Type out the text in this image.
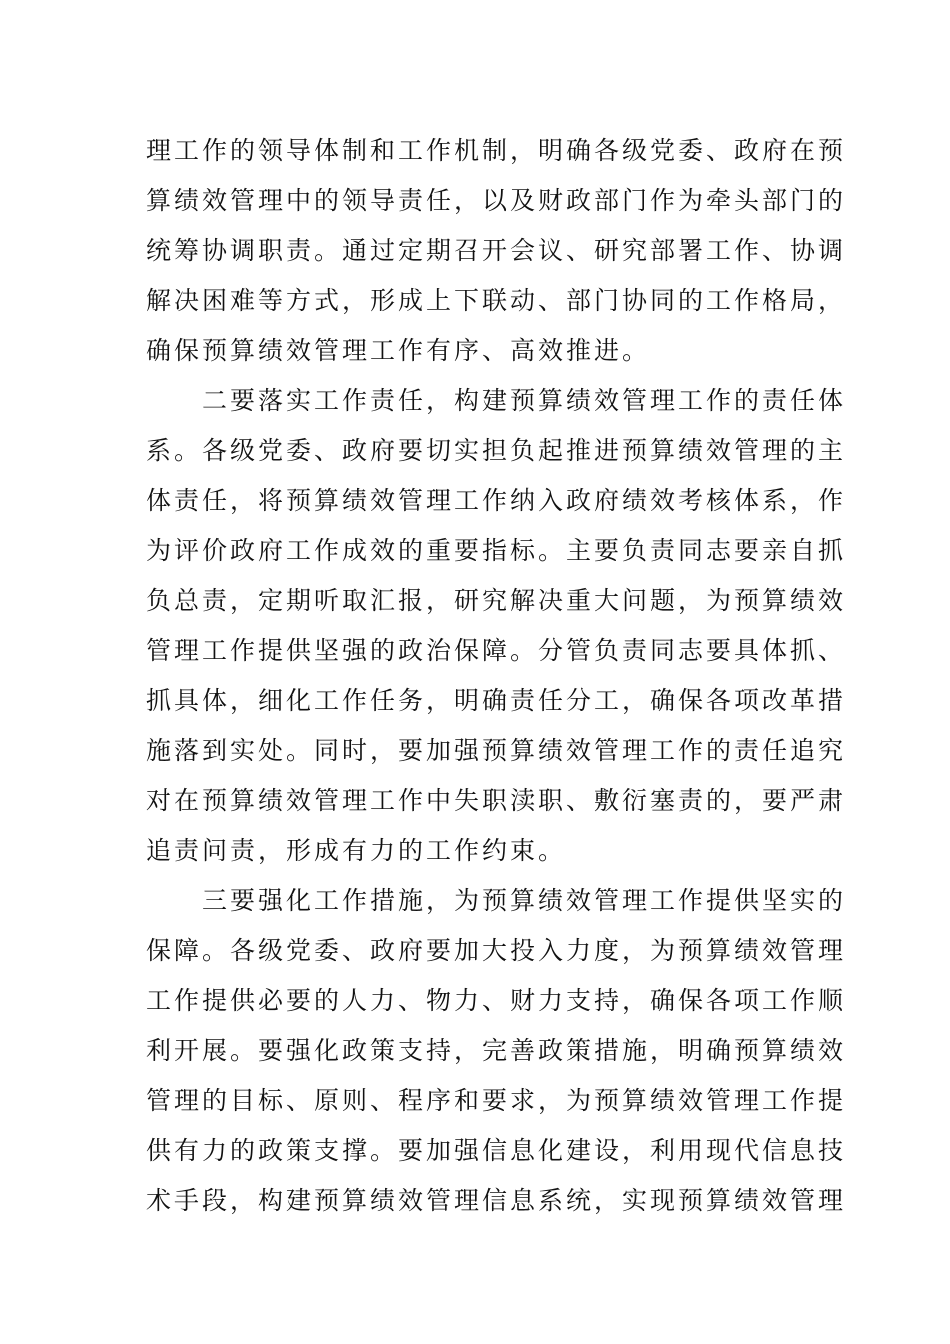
理工作的领导体制和工作机制，明确各级党委、政府在预
算绩效管理中的领导责任，以及财政部门作为牵头部门的
统筹协调职责。通过定期召开会议、研究部署工作、协调
解决困难等方式，形成上下联动、部门协同的工作格局，
确保预算绩效管理工作有序、高效推进。
二要落实工作责任，构建预算绩效管理工作的责任体
系。各级党委、政府要切实担负起推进预算绩效管理的主
体责任，将预算绩效管理工作纳入政府绩效考核体系，作
为评价政府工作成效的重要指标。主要负责同志要亲自抓
负总责，定期听取汇报，研究解决重大问题，为预算绩效
管理工作提供坚强的政治保障。分管负责同志要具体抓、
抓具体，细化工作任务，明确责任分工，确保各项改革措
施落到实处。同时，要加强预算绩效管理工作的责任追究
对在预算绩效管理工作中失职渎职、敷衍塞责的，要严肃
追责问责，形成有力的工作约束。
三要强化工作措施，为预算绩效管理工作提供坚实的
保障。各级党委、政府要加大投入力度，为预算绩效管理
工作提供必要的人力、物力、财力支持，确保各项工作顺
利开展。要强化政策支持，完善政策措施，明确预算绩效
管理的目标、原则、程序和要求，为预算绩效管理工作提
供有力的政策支撑。要加强信息化建设，利用现代信息技
术手段，构建预算绩效管理信息系统，实现预算绩效管理
